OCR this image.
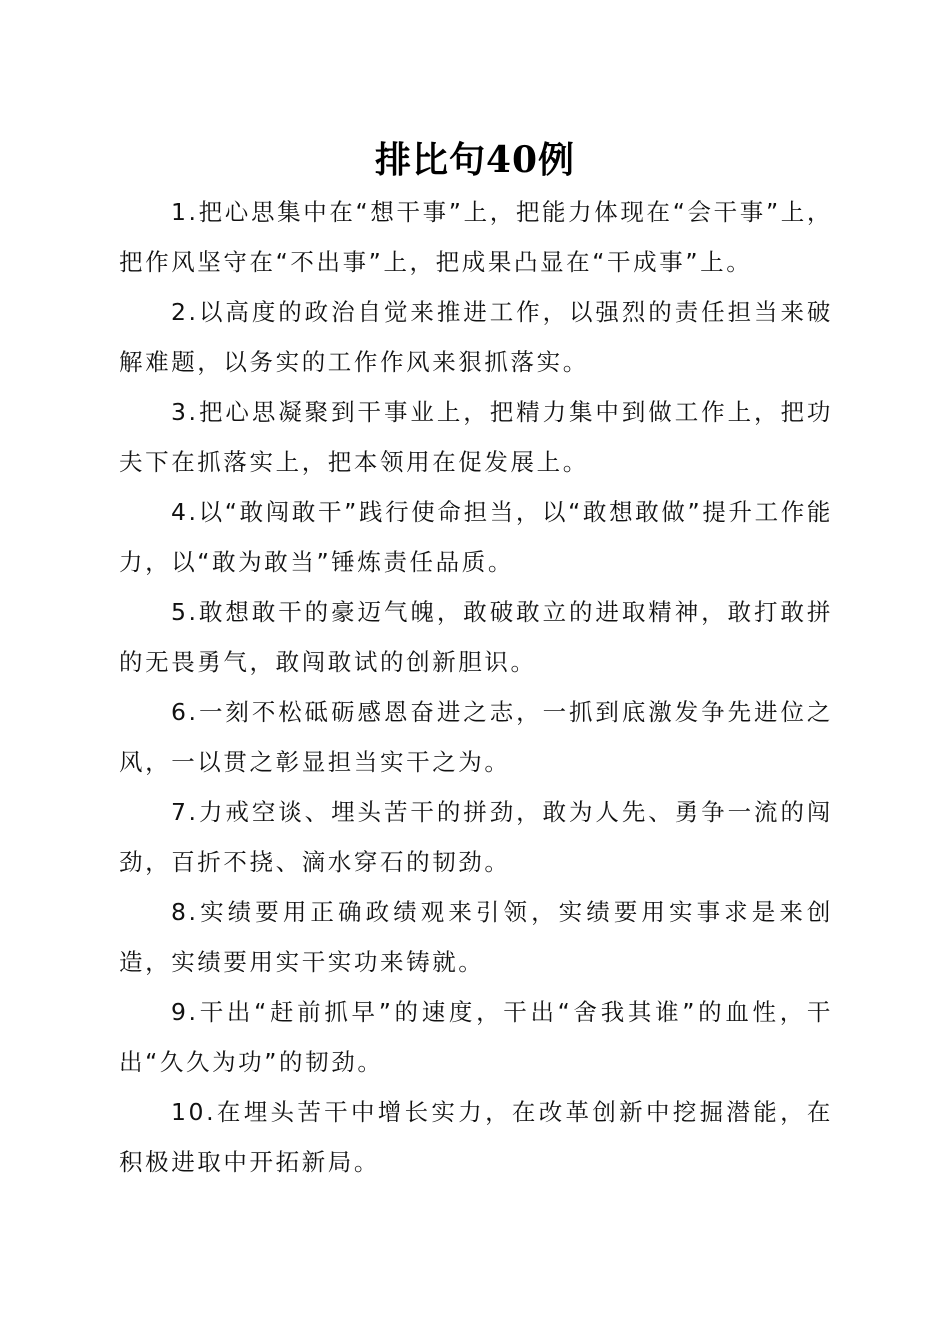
排比句40例

1.把心思集中在“想干事”上，把能力体现在“会干事”上，把作风坚守在“不出事”上，把成果凸显在“干成事”上。

2.以高度的政治自觉来推进工作，以强烈的责任担当来破解难题，以务实的工作作风来狠抓落实。

3.把心思凝聚到干事业上，把精力集中到做工作上，把功夫下在抓落实上，把本领用在促发展上。

4.以“敢闯敢干”践行使命担当，以“敢想敢做”提升工作能力，以“敢为敢当”锤炼责任品质。

5.敢想敢干的豪迈气魄，敢破敢立的进取精神，敢打敢拼的无畏勇气，敢闯敢试的创新胆识。

6.一刻不松砥砺感恩奋进之志，一抓到底激发争先进位之风，一以贯之彰显担当实干之为。

7.力戒空谈、埋头苦干的拼劲，敢为人先、勇争一流的闯劲，百折不挠、滴水穿石的韧劲。

8.实绩要用正确政绩观来引领，实绩要用实事求是来创造，实绩要用实干实功来铸就。

9.干出“赶前抓早”的速度，干出“舍我其谁”的血性，干出“久久为功”的韧劲。

10.在埋头苦干中增长实力，在改革创新中挖掘潜能，在积极进取中开拓新局。
